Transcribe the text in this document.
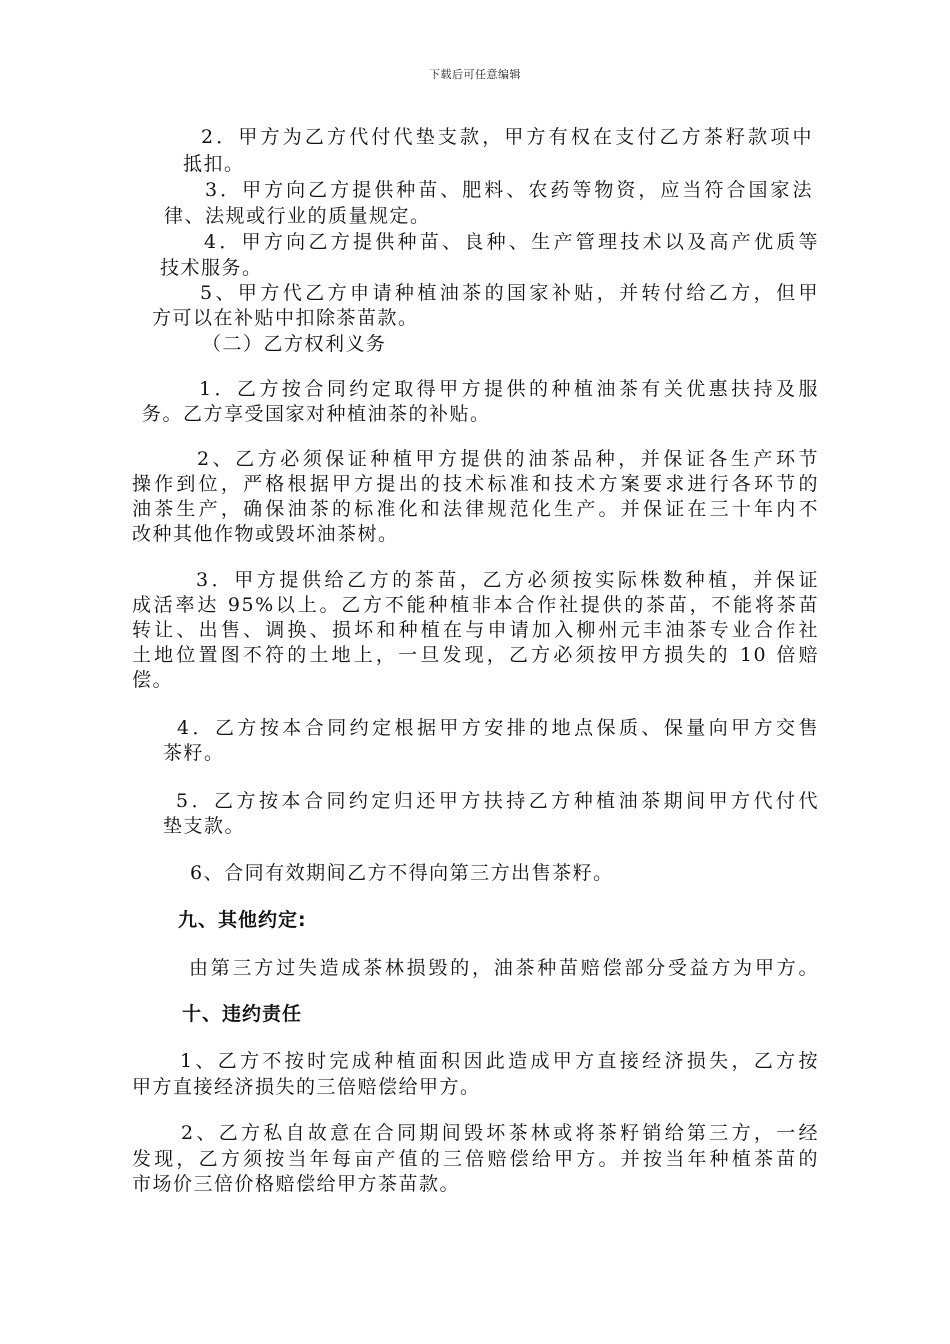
下载后可任意编辑
2．甲方为乙方代付代垫支款，甲方有权在支付乙方茶籽款项中
抵扣。
3．甲方向乙方提供种苗、肥料、农药等物资，应当符合国家法
律、法规或行业的质量规定。
4．甲方向乙方提供种苗、良种、生产管理技术以及高产优质等
技术服务。
5、甲方代乙方申请种植油茶的国家补贴，并转付给乙方，但甲
方可以在补贴中扣除茶苗款。
（二）乙方权利义务
1．乙方按合同约定取得甲方提供的种植油茶有关优惠扶持及服
务。乙方享受国家对种植油茶的补贴。
2、乙方必须保证种植甲方提供的油茶品种，并保证各生产环节
操作到位，严格根据甲方提出的技术标准和技术方案要求进行各环节的
油茶生产，确保油茶的标准化和法律规范化生产。并保证在三十年内不
改种其他作物或毁坏油茶树。
3．甲方提供给乙方的茶苗，乙方必须按实际株数种植，并保证
成活率达 95%以上。乙方不能种植非本合作社提供的茶苗，不能将茶苗
转让、出售、调换、损坏和种植在与申请加入柳州元丰油茶专业合作社
土地位置图不符的土地上，一旦发现，乙方必须按甲方损失的 10 倍赔
偿。
4．乙方按本合同约定根据甲方安排的地点保质、保量向甲方交售
茶籽。
5．乙方按本合同约定归还甲方扶持乙方种植油茶期间甲方代付代
垫支款。
6、合同有效期间乙方不得向第三方出售茶籽。
九、其他约定:
由第三方过失造成茶林损毁的，油茶种苗赔偿部分受益方为甲方。
十、违约责任
1、乙方不按时完成种植面积因此造成甲方直接经济损失，乙方按
甲方直接经济损失的三倍赔偿给甲方。
2、乙方私自故意在合同期间毁坏茶林或将茶籽销给第三方，一经
发现，乙方须按当年每亩产值的三倍赔偿给甲方。并按当年种植茶苗的
市场价三倍价格赔偿给甲方茶苗款。
